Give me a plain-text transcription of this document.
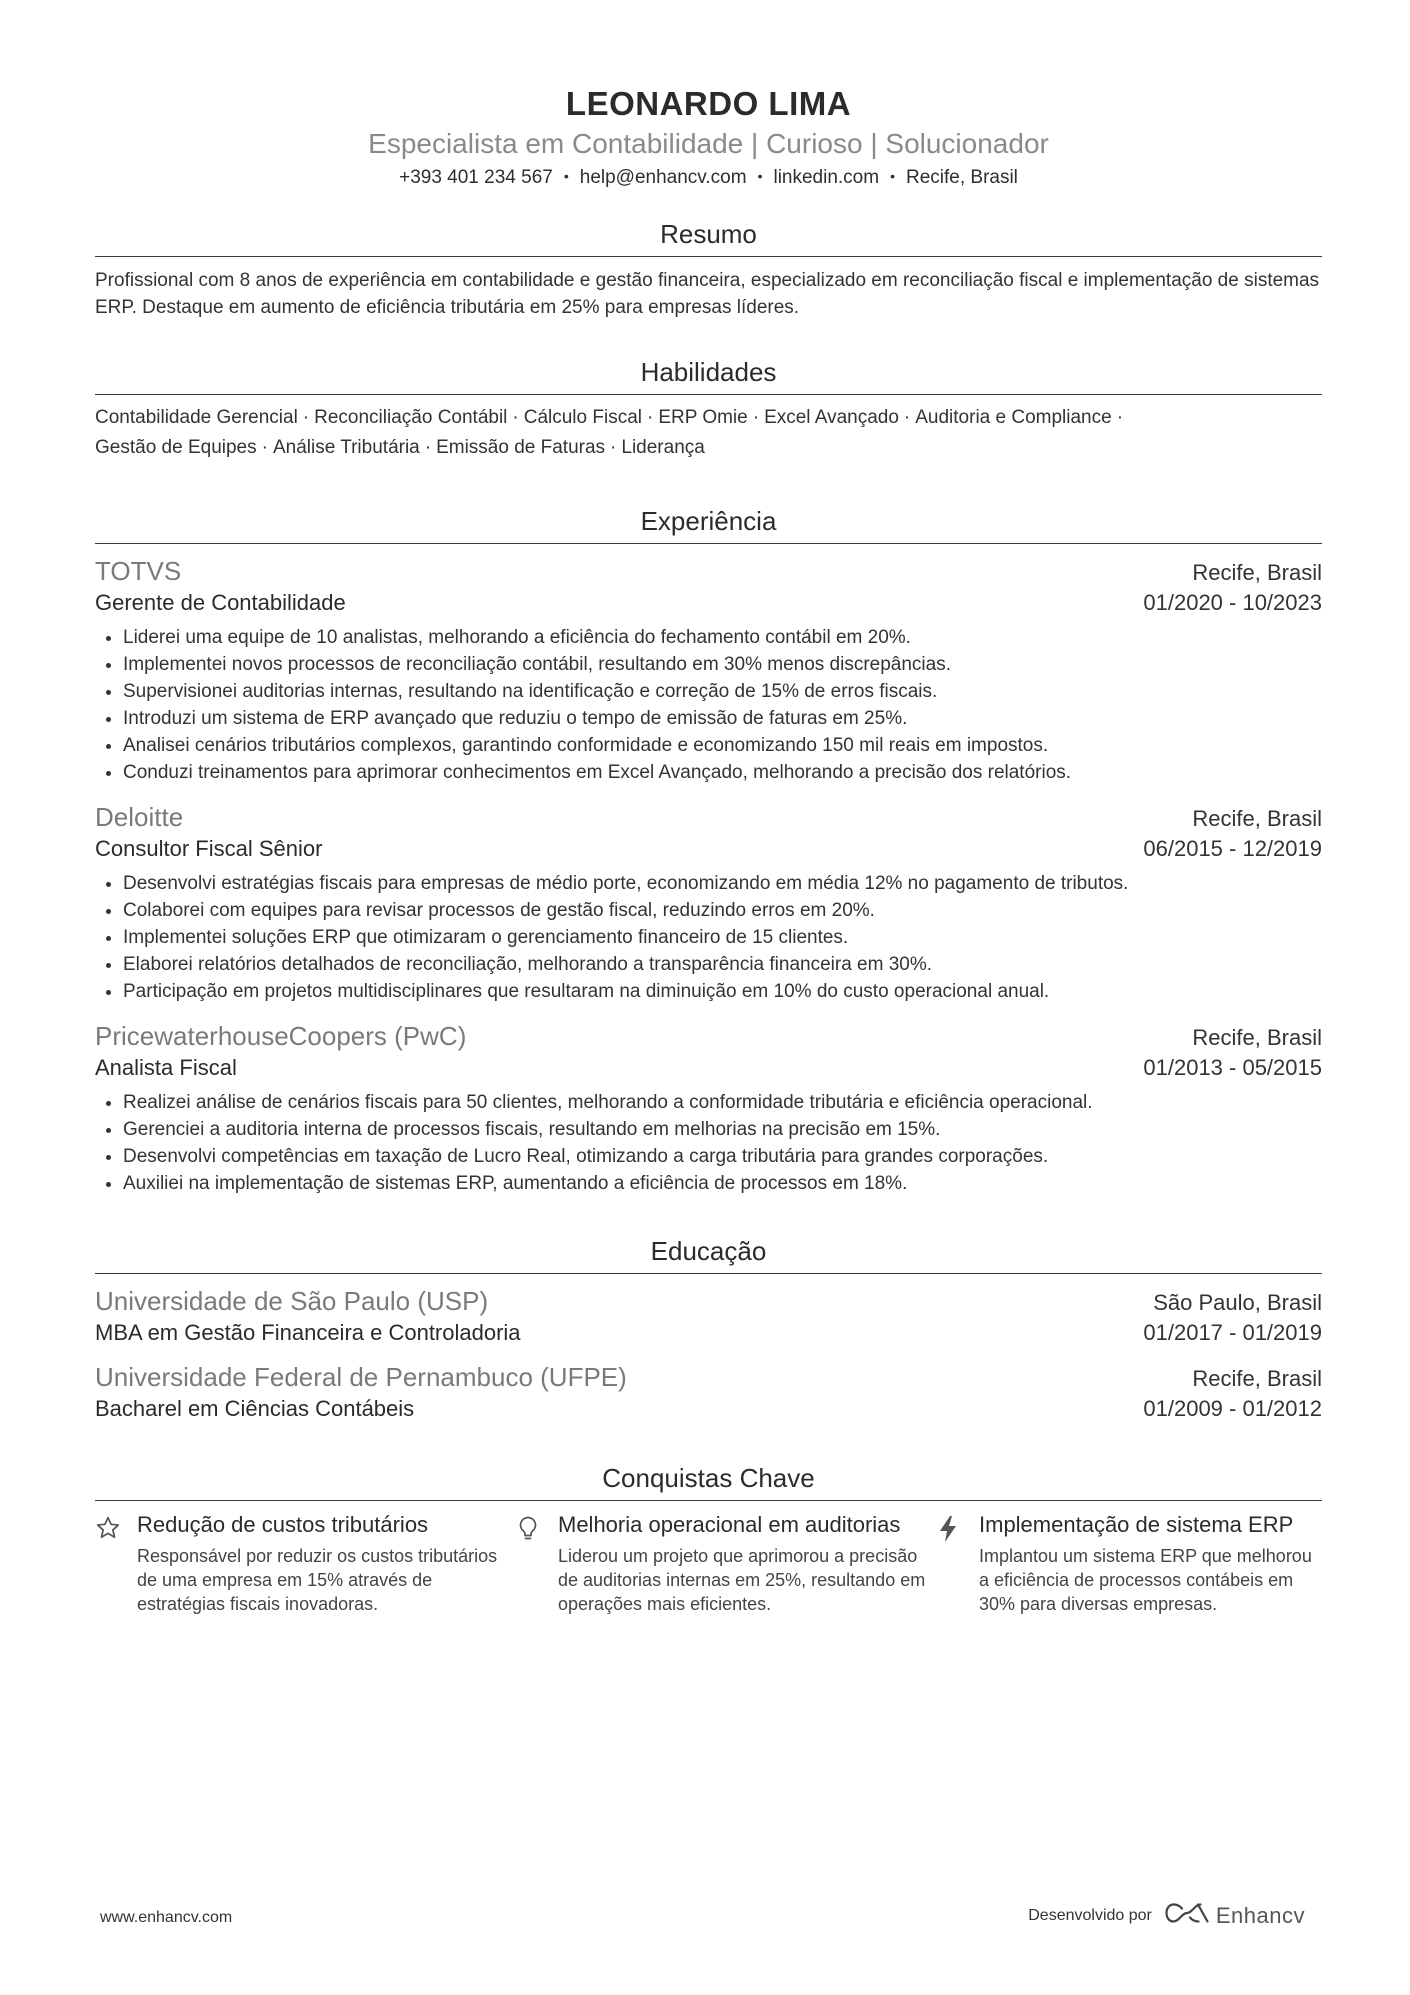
LEONARDO LIMA
Especialista em Contabilidade | Curioso | Solucionador
+393 401 234 567 • help@enhancv.com • linkedin.com • Recife, Brasil
Resumo
Profissional com 8 anos de experiência em contabilidade e gestão financeira, especializado em reconciliação fiscal e implementação de sistemas ERP. Destaque em aumento de eficiência tributária em 25% para empresas líderes.
Habilidades
Contabilidade Gerencial · Reconciliação Contábil · Cálculo Fiscal · ERP Omie · Excel Avançado · Auditoria e Compliance ·
Gestão de Equipes · Análise Tributária · Emissão de Faturas · Liderança
Experiência
TOTVS	Recife, Brasil
Gerente de Contabilidade	01/2020 - 10/2023
• Liderei uma equipe de 10 analistas, melhorando a eficiência do fechamento contábil em 20%.
• Implementei novos processos de reconciliação contábil, resultando em 30% menos discrepâncias.
• Supervisionei auditorias internas, resultando na identificação e correção de 15% de erros fiscais.
• Introduzi um sistema de ERP avançado que reduziu o tempo de emissão de faturas em 25%.
• Analisei cenários tributários complexos, garantindo conformidade e economizando 150 mil reais em impostos.
• Conduzi treinamentos para aprimorar conhecimentos em Excel Avançado, melhorando a precisão dos relatórios.
Deloitte	Recife, Brasil
Consultor Fiscal Sênior	06/2015 - 12/2019
• Desenvolvi estratégias fiscais para empresas de médio porte, economizando em média 12% no pagamento de tributos.
• Colaborei com equipes para revisar processos de gestão fiscal, reduzindo erros em 20%.
• Implementei soluções ERP que otimizaram o gerenciamento financeiro de 15 clientes.
• Elaborei relatórios detalhados de reconciliação, melhorando a transparência financeira em 30%.
• Participação em projetos multidisciplinares que resultaram na diminuição em 10% do custo operacional anual.
PricewaterhouseCoopers (PwC)	Recife, Brasil
Analista Fiscal	01/2013 - 05/2015
• Realizei análise de cenários fiscais para 50 clientes, melhorando a conformidade tributária e eficiência operacional.
• Gerenciei a auditoria interna de processos fiscais, resultando em melhorias na precisão em 15%.
• Desenvolvi competências em taxação de Lucro Real, otimizando a carga tributária para grandes corporações.
• Auxiliei na implementação de sistemas ERP, aumentando a eficiência de processos em 18%.
Educação
Universidade de São Paulo (USP)	São Paulo, Brasil
MBA em Gestão Financeira e Controladoria	01/2017 - 01/2019
Universidade Federal de Pernambuco (UFPE)	Recife, Brasil
Bacharel em Ciências Contábeis	01/2009 - 01/2012
Conquistas Chave
Redução de custos tributários
Responsável por reduzir os custos tributários de uma empresa em 15% através de estratégias fiscais inovadoras.
Melhoria operacional em auditorias
Liderou um projeto que aprimorou a precisão de auditorias internas em 25%, resultando em operações mais eficientes.
Implementação de sistema ERP
Implantou um sistema ERP que melhorou a eficiência de processos contábeis em 30% para diversas empresas.
www.enhancv.com	Desenvolvido por	Enhancv
